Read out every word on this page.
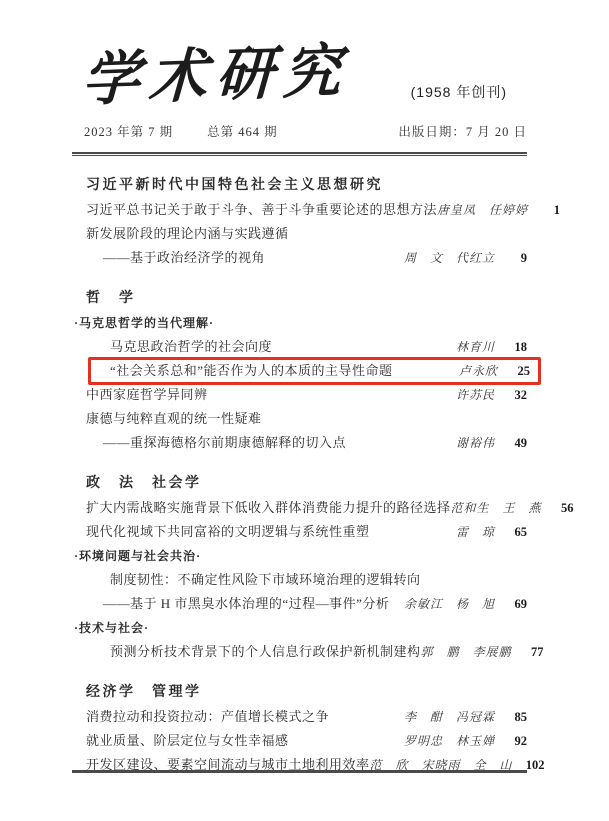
学术研究	(1958 年创刊)
2023 年第 7 期	总第 464 期	出版日期：7 月 20 日
习近平新时代中国特色社会主义思想研究
习近平总书记关于敢于斗争、善于斗争重要论述的思想方法 唐皇凤　任婷婷	1
新发展阶段的理论内涵与实践遵循
——基于政治经济学的视角	周　文　代红立	9
哲　学
·马克思哲学的当代理解·
马克思政治哲学的社会向度	林育川	18
“社会关系总和”能否作为人的本质的主导性命题	卢永欣	25
中西家庭哲学异同辨	许苏民	32
康德与纯粹直观的统一性疑难
——重探海德格尔前期康德解释的切入点	谢裕伟	49
政　法　社会学
扩大内需战略实施背景下低收入群体消费能力提升的路径选择 范和生　王　燕	56
现代化视域下共同富裕的文明逻辑与系统性重塑	雷　琼	65
·环境问题与社会共治·
制度韧性：不确定性风险下市域环境治理的逻辑转向
——基于 H 市黑臭水体治理的“过程—事件”分析 余敏江　杨　旭	69
·技术与社会·
预测分析技术背景下的个人信息行政保护新机制建构 郭　鹏　李展鹏	77
经济学　管理学
消费拉动和投资拉动：产值增长模式之争	李　酣　冯冠霖	85
就业质量、阶层定位与女性幸福感	罗明忠　林玉婵	92
开发区建设、要素空间流动与城市土地利用效率 范　欣　宋晓雨　全　山	102
